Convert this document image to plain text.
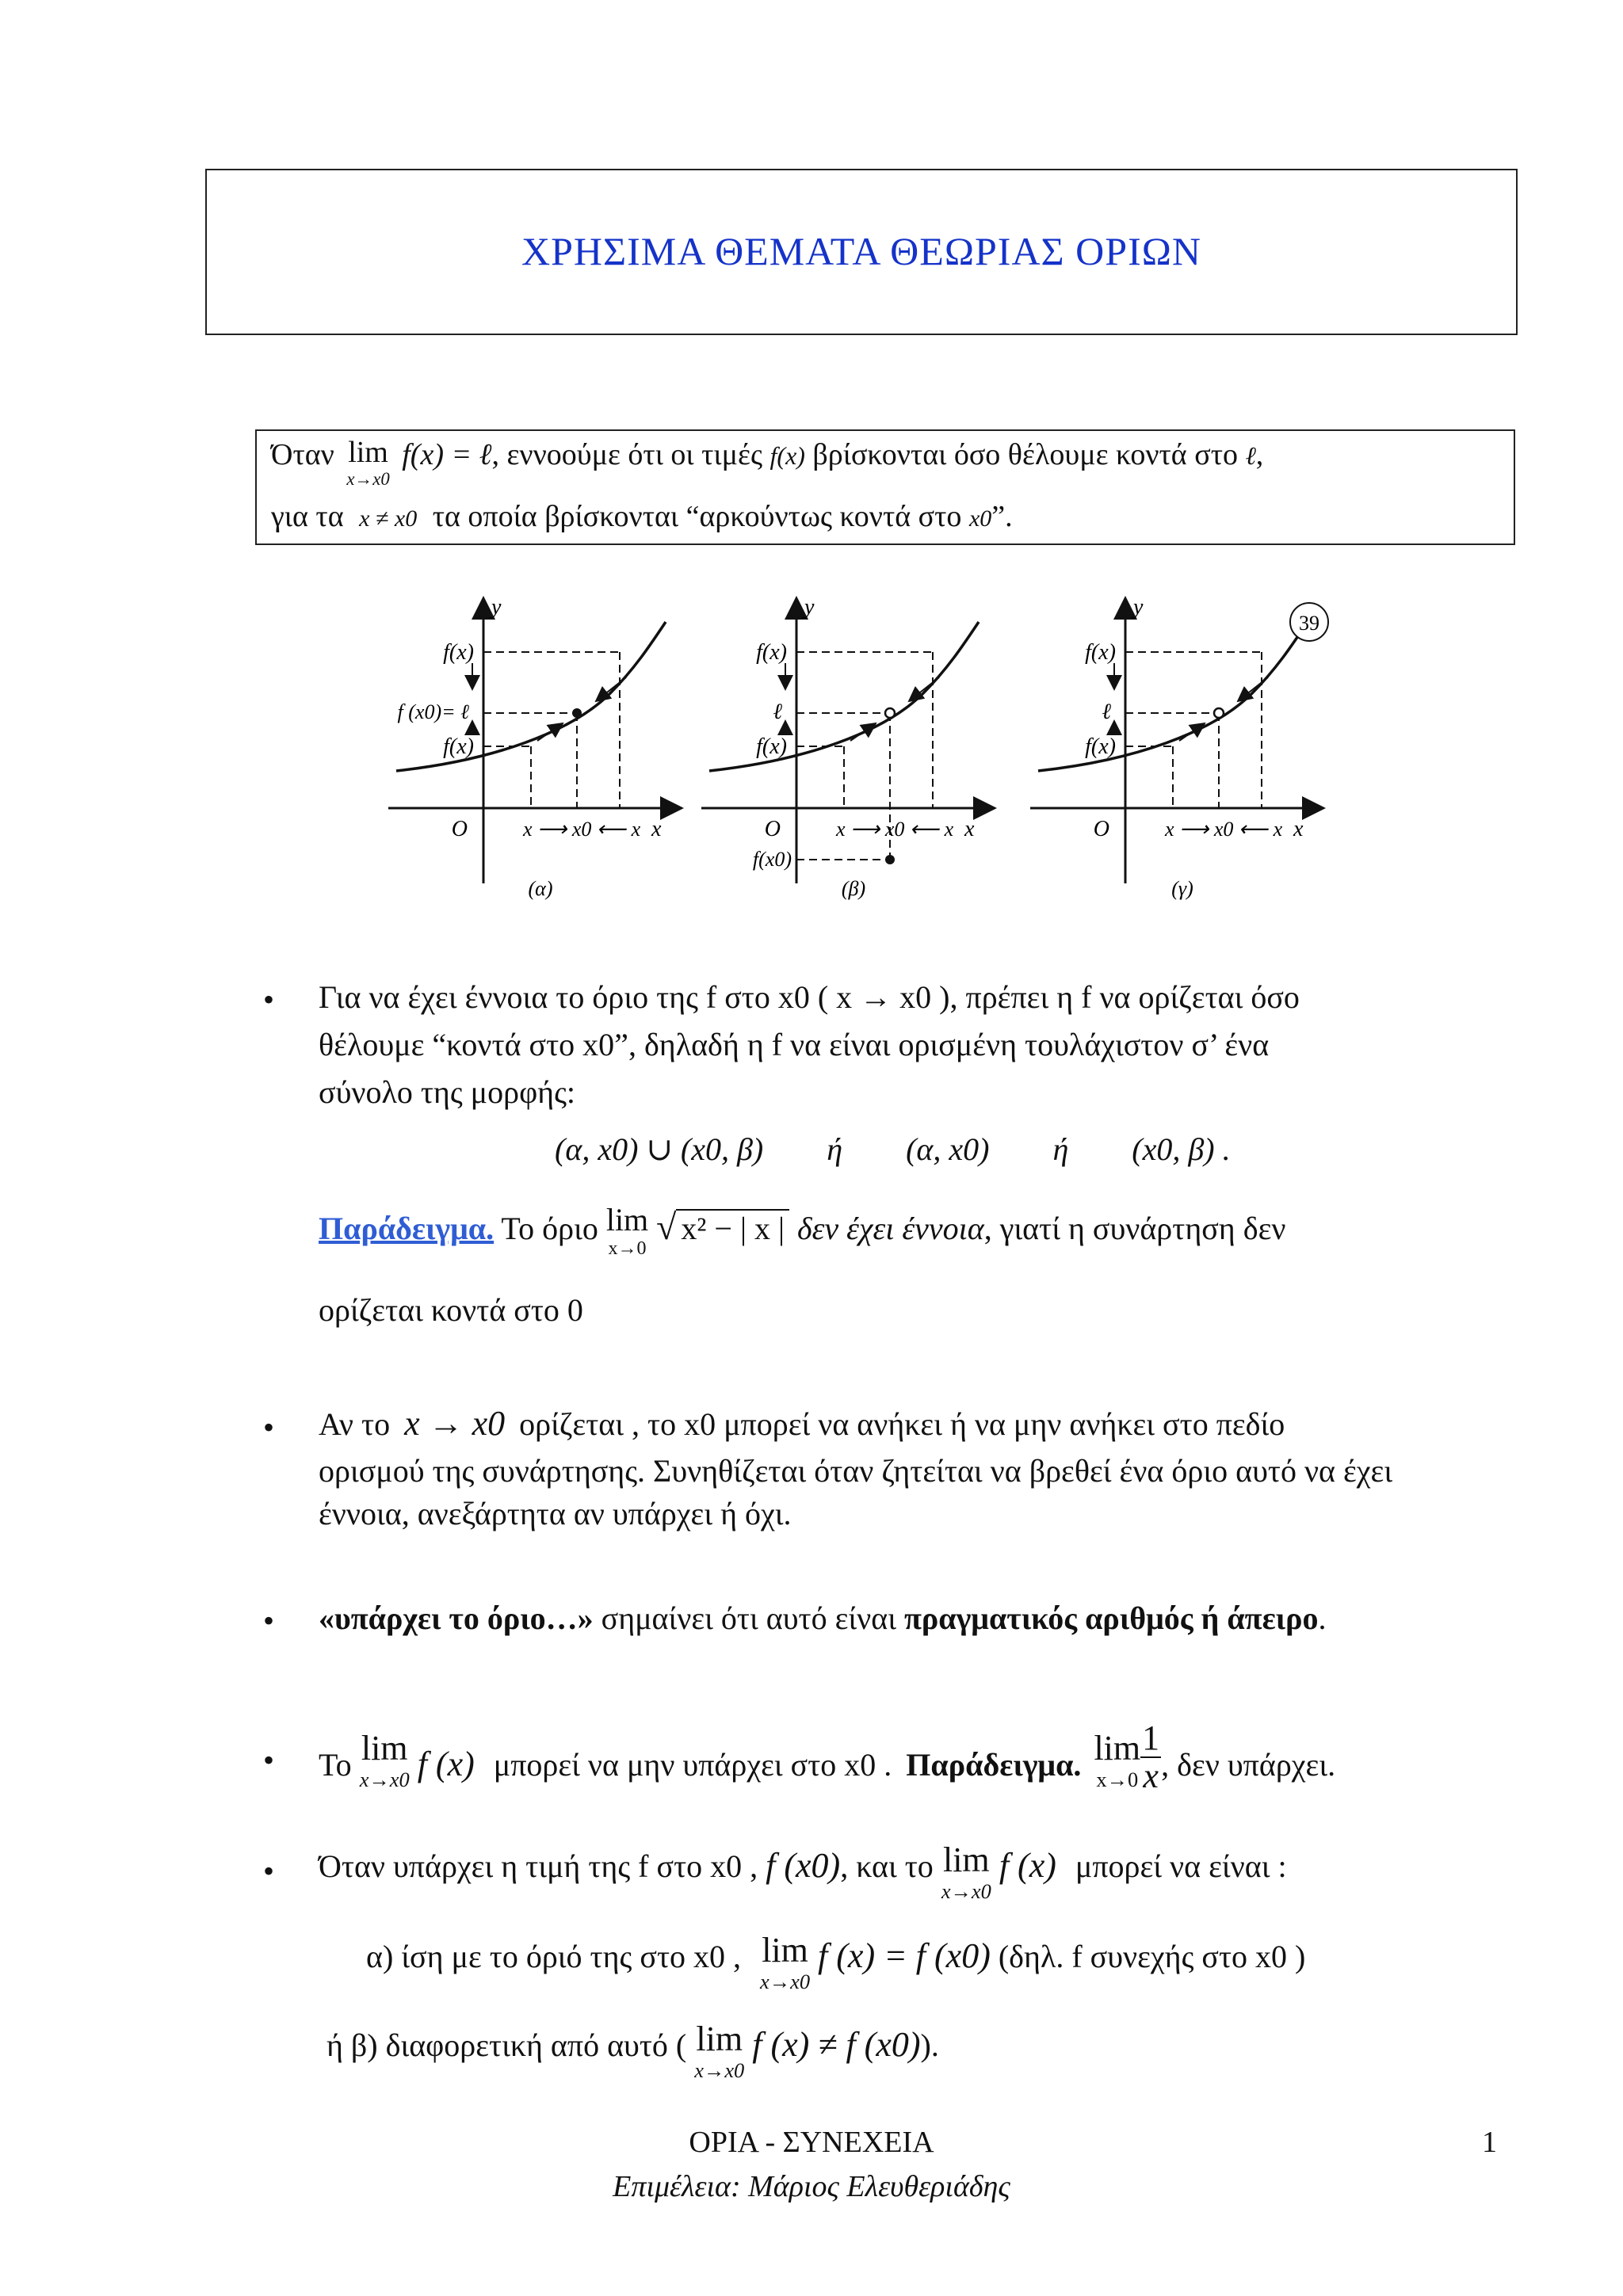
ΧΡΗΣΙΜΑ ΘΕΜΑΤΑ ΘΕΩΡΙΑΣ ΟΡΙΩΝ
Όταν lim
x→x0
f(x) = ℓ, εννοούμε ότι οι τιμές f(x) βρίσκονται όσο θέλουμε κοντά στο ℓ,
για τα x ≠ x0 τα οποία βρίσκονται “αρκούντως κοντά στο x0”.
y
f(x)
f (x0)= ℓ
f(x)
O	x ⟶ x0 ⟵ x x
(α)
y
f(x)
ℓ
f(x)
O	x ⟶ x0 ⟵ x x
f(x0)
(β)
y
f(x)
ℓ
f(x)
O	x ⟶ x0 ⟵ x x
(γ)
39
• Για να έχει έννοια το όριο της f στο x0 ( x → x0 ), πρέπει η f να ορίζεται όσο
θέλουμε “κοντά στο x0”, δηλαδή η f να είναι ορισμένη τουλάχιστον σ’ ένα
σύνολο της μορφής:
(α, x0) ∪ (x0, β)        ή        (α, x0)        ή        (x0, β) .
Παράδειγμα. Το όριο lim
x→0
√ x² − | x | δεν έχει έννοια, γιατί η συνάρτηση δεν
ορίζεται κοντά στο 0
• Αν το x → x0 ορίζεται , το x0 μπορεί να ανήκει ή να μην ανήκει στο πεδίο
ορισμού της συνάρτησης. Συνηθίζεται όταν ζητείται να βρεθεί ένα όριο αυτό να έχει
έννοια, ανεξάρτητα αν υπάρχει ή όχι.
• «υπάρχει το όριο…» σημαίνει ότι αυτό είναι πραγματικός αριθμός ή άπειρο.
• Το lim
x→x0 f (x) μπορεί να μην υπάρχει στο x0 . Παράδειγμα. lim
$x\to 0 \frac{1}{x}$ , δεν υπάρχει.
• Όταν υπάρχει η τιμή της f στο x0 , f (x0), και το lim
x→x0
f (x) μπορεί να είναι :
α) ίση με το όριό της στο x0 , lim
x→x0
f (x) = f (x0) (δηλ. f συνεχής στο x0 )
ή β) διαφορετική από αυτό ( lim
x→x0
f (x) ≠ f (x0)).
ΟΡΙΑ - ΣΥΝΕΧΕΙΑ
Επιμέλεια: Μάριος Ελευθεριάδης
1
